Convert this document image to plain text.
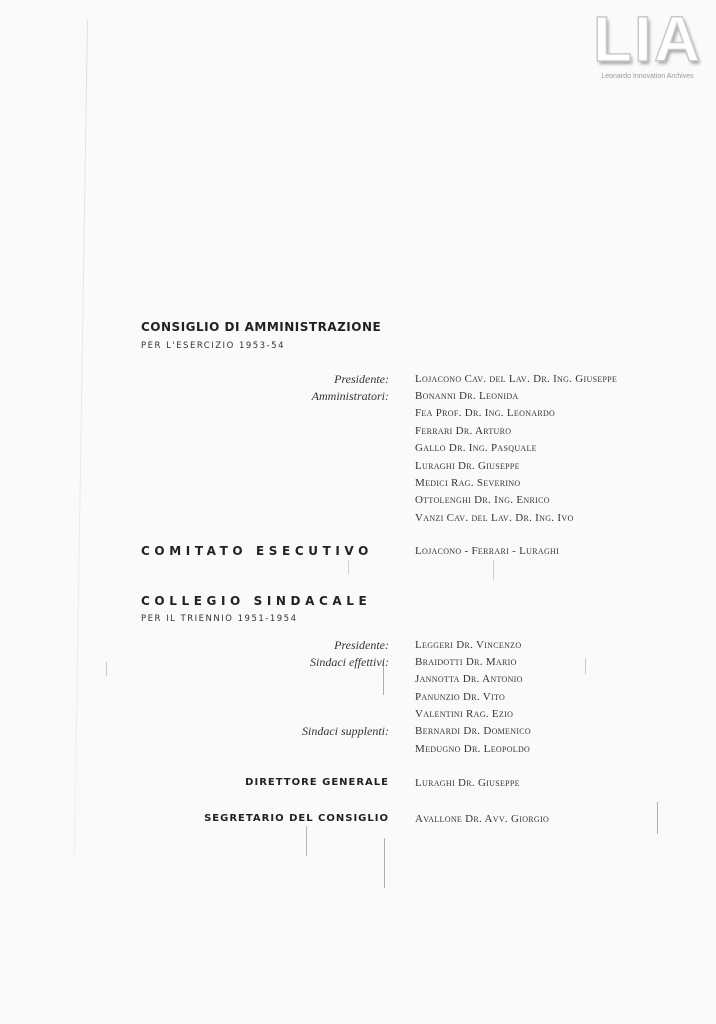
LIA
Leonardo Innovation Archives
CONSIGLIO DI AMMINISTRAZIONE
PER L'ESERCIZIO 1953-54
Presidente: Lojacono Cav. del Lav. Dr. Ing. Giuseppe
Amministratori: Bonanni Dr. Leonida
Fea Prof. Dr. Ing. Leonardo
Ferrari Dr. Arturo
Gallo Dr. Ing. Pasquale
Luraghi Dr. Giuseppe
Medici Rag. Severino
Ottolenghi Dr. Ing. Enrico
Vanzi Cav. del Lav. Dr. Ing. Ivo
COMITATO ESECUTIVO	Lojacono - Ferrari - Luraghi
COLLEGIO SINDACALE
PER IL TRIENNIO 1951-1954
Presidente: Leggeri Dr. Vincenzo
Sindaci effettivi: Braidotti Dr. Mario
Jannotta Dr. Antonio
Panunzio Dr. Vito
Valentini Rag. Ezio
Sindaci supplenti: Bernardi Dr. Domenico
Medugno Dr. Leopoldo
DIRETTORE GENERALE Luraghi Dr. Giuseppe
SEGRETARIO DEL CONSIGLIO Avallone Dr. Avv. Giorgio
